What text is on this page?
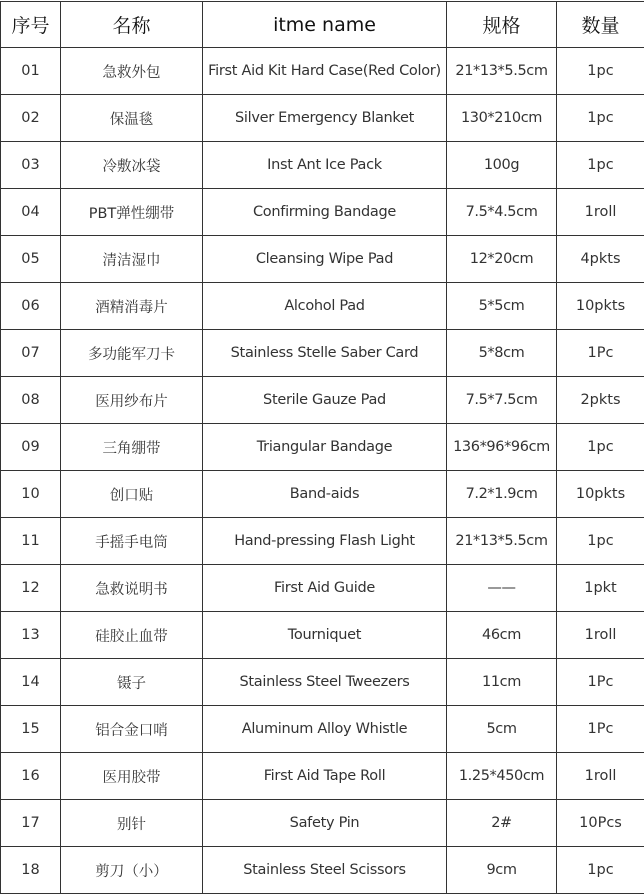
序号	名称	itme name	规格	数量
01	急救外包	First Aid Kit Hard Case(Red Color)	21*13*5.5cm	1pc
02	保温毯	Silver Emergency Blanket	130*210cm	1pc
03	冷敷冰袋	Inst Ant Ice Pack	100g	1pc
04	PBT弹性绷带	Confirming Bandage	7.5*4.5cm	1roll
05	清洁湿巾	Cleansing Wipe Pad	12*20cm	4pkts
06	酒精消毒片	Alcohol Pad	5*5cm	10pkts
07	多功能军刀卡	Stainless Stelle Saber Card	5*8cm	1Pc
08	医用纱布片	Sterile Gauze Pad	7.5*7.5cm	2pkts
09	三角绷带	Triangular Bandage	136*96*96cm	1pc
10	创口贴	Band-aids	7.2*1.9cm	10pkts
11	手摇手电筒	Hand-pressing Flash Light	21*13*5.5cm	1pc
12	急救说明书	First Aid Guide	——	1pkt
13	硅胶止血带	Tourniquet	46cm	1roll
14	镊子	Stainless Steel Tweezers	11cm	1Pc
15	铝合金口哨	Aluminum Alloy Whistle	5cm	1Pc
16	医用胶带	First Aid Tape Roll	1.25*450cm	1roll
17	别针	Safety Pin	2#	10Pcs
18	剪刀（小）	Stainless Steel Scissors	9cm	1pc
